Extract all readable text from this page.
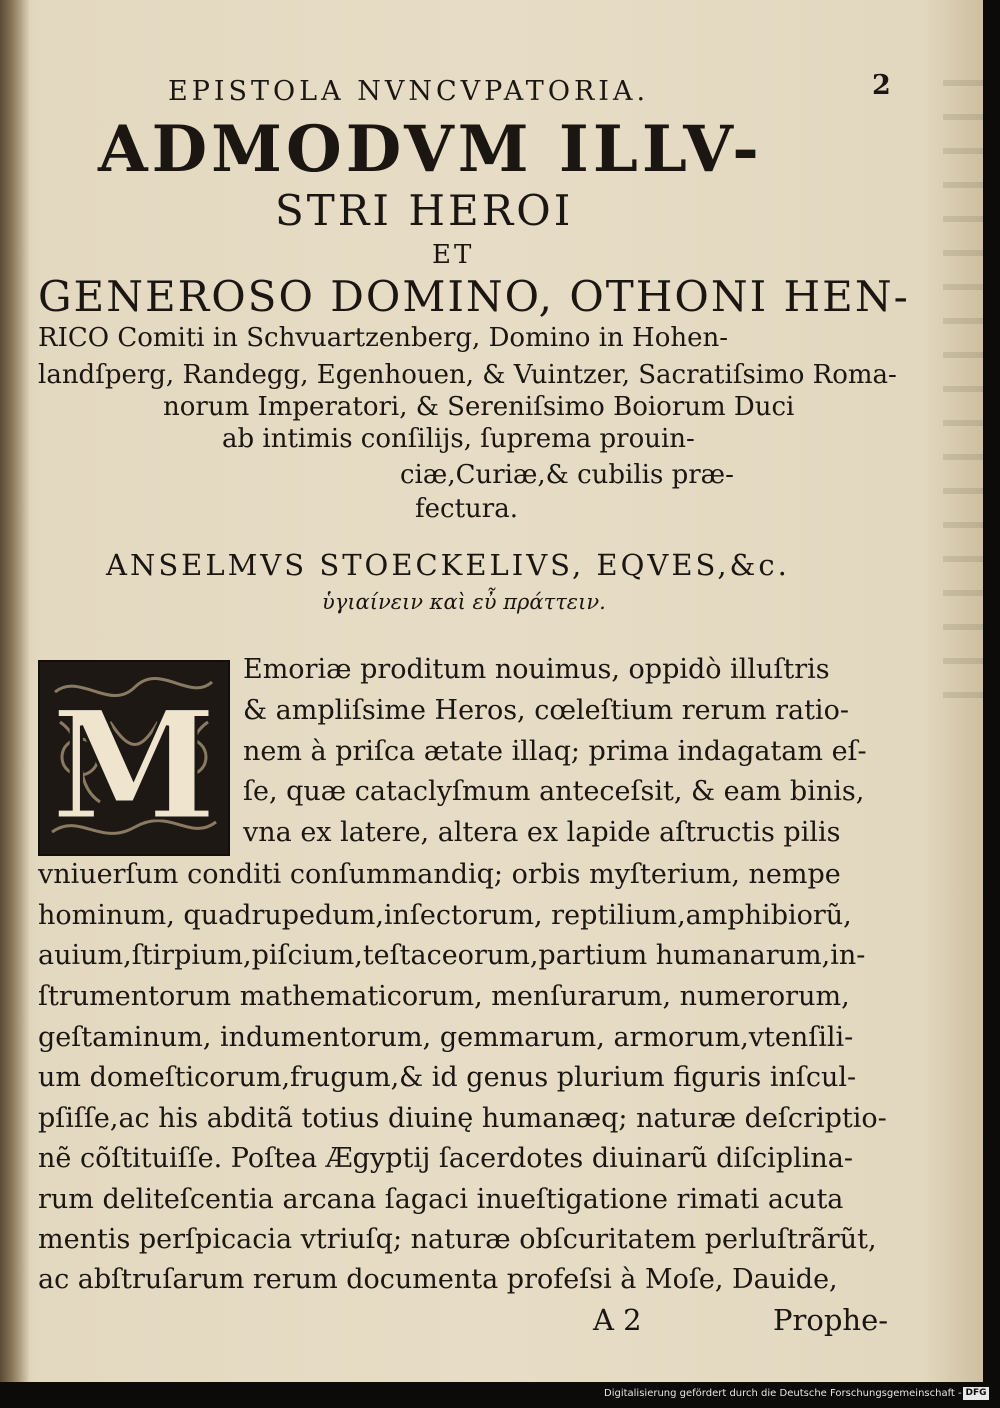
EPISTOLA NVNCVPATORIA.	2
ADMODVM ILLV-
STRI HEROI
ET
GENEROSO DOMINO, OTHONI HEN-
RICO Comiti in Schvuartzenberg, Domino in Hohen-
landſperg, Randegg, Egenhouen, & Vuintzer, Sacratiſsimo Roma-
norum Imperatori, & Sereniſsimo Boiorum Duci
ab intimis conſilijs, ſuprema prouin-
ciæ,Curiæ,& cubilis præ-
fectura.
ANSELMVS STOECKELIVS, EQVES,&c.
ὑγιαίνειν καὶ εὖ πράττειν.
M
Emoriæ proditum nouimus, oppidò illuſtris
& ampliſsime Heros, cœleſtium rerum ratio-
nem à priſca ætate illaq; prima indagatam eſ-
ſe, quæ cataclyſmum anteceſsit, & eam binis,
vna ex latere, altera ex lapide aſtructis pilis
vniuerſum conditi conſummandiq; orbis myſterium, nempe
hominum, quadrupedum,inſectorum, reptilium,amphibiorũ,
auium,ſtirpium,piſcium,teſtaceorum,partium humanarum,in-
ſtrumentorum mathematicorum, menſurarum, numerorum,
geſtaminum, indumentorum, gemmarum, armorum,vtenſili-
um domeſticorum,frugum,& id genus plurium figuris inſcul-
pſiſſe,ac his abditã totius diuinę humanæq; naturæ deſcriptio-
nẽ cõſtituiſſe. Poſtea Ægyptij ſacerdotes diuinarũ diſciplina-
rum deliteſcentia arcana ſagaci inueſtigatione rimati acuta
mentis perſpicacia vtriuſq; naturæ obſcuritatem perluſtrãrũt,
ac abſtruſarum rerum documenta profeſsi à Moſe, Dauide,
A 2	Prophe-
Digitalisierung gefördert durch die Deutsche Forschungsgemeinschaft - DFG
